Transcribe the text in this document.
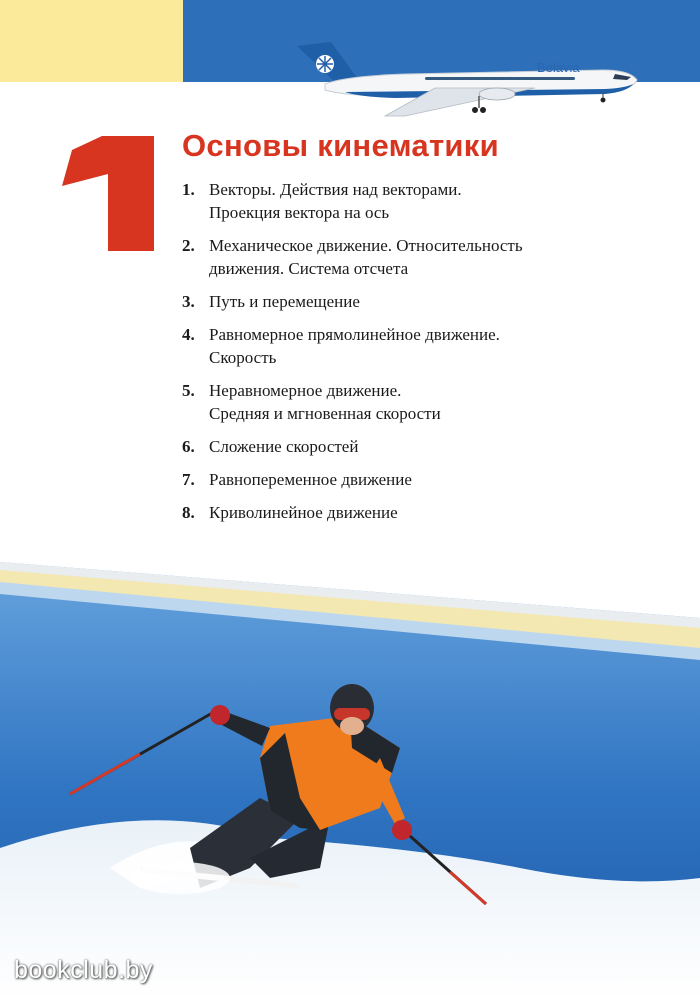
Belavia
Основы кинематики
1. Векторы. Действия над векторами.
Проекция вектора на ось
2. Механическое движение. Относительность
движения. Система отсчета
3. Путь и перемещение
4. Равномерное прямолинейное движение.
Скорость
5. Неравномерное движение.
Средняя и мгновенная скорости
6. Сложение скоростей
7. Равнопеременное движение
8. Криволинейное движение
bookclub.by
